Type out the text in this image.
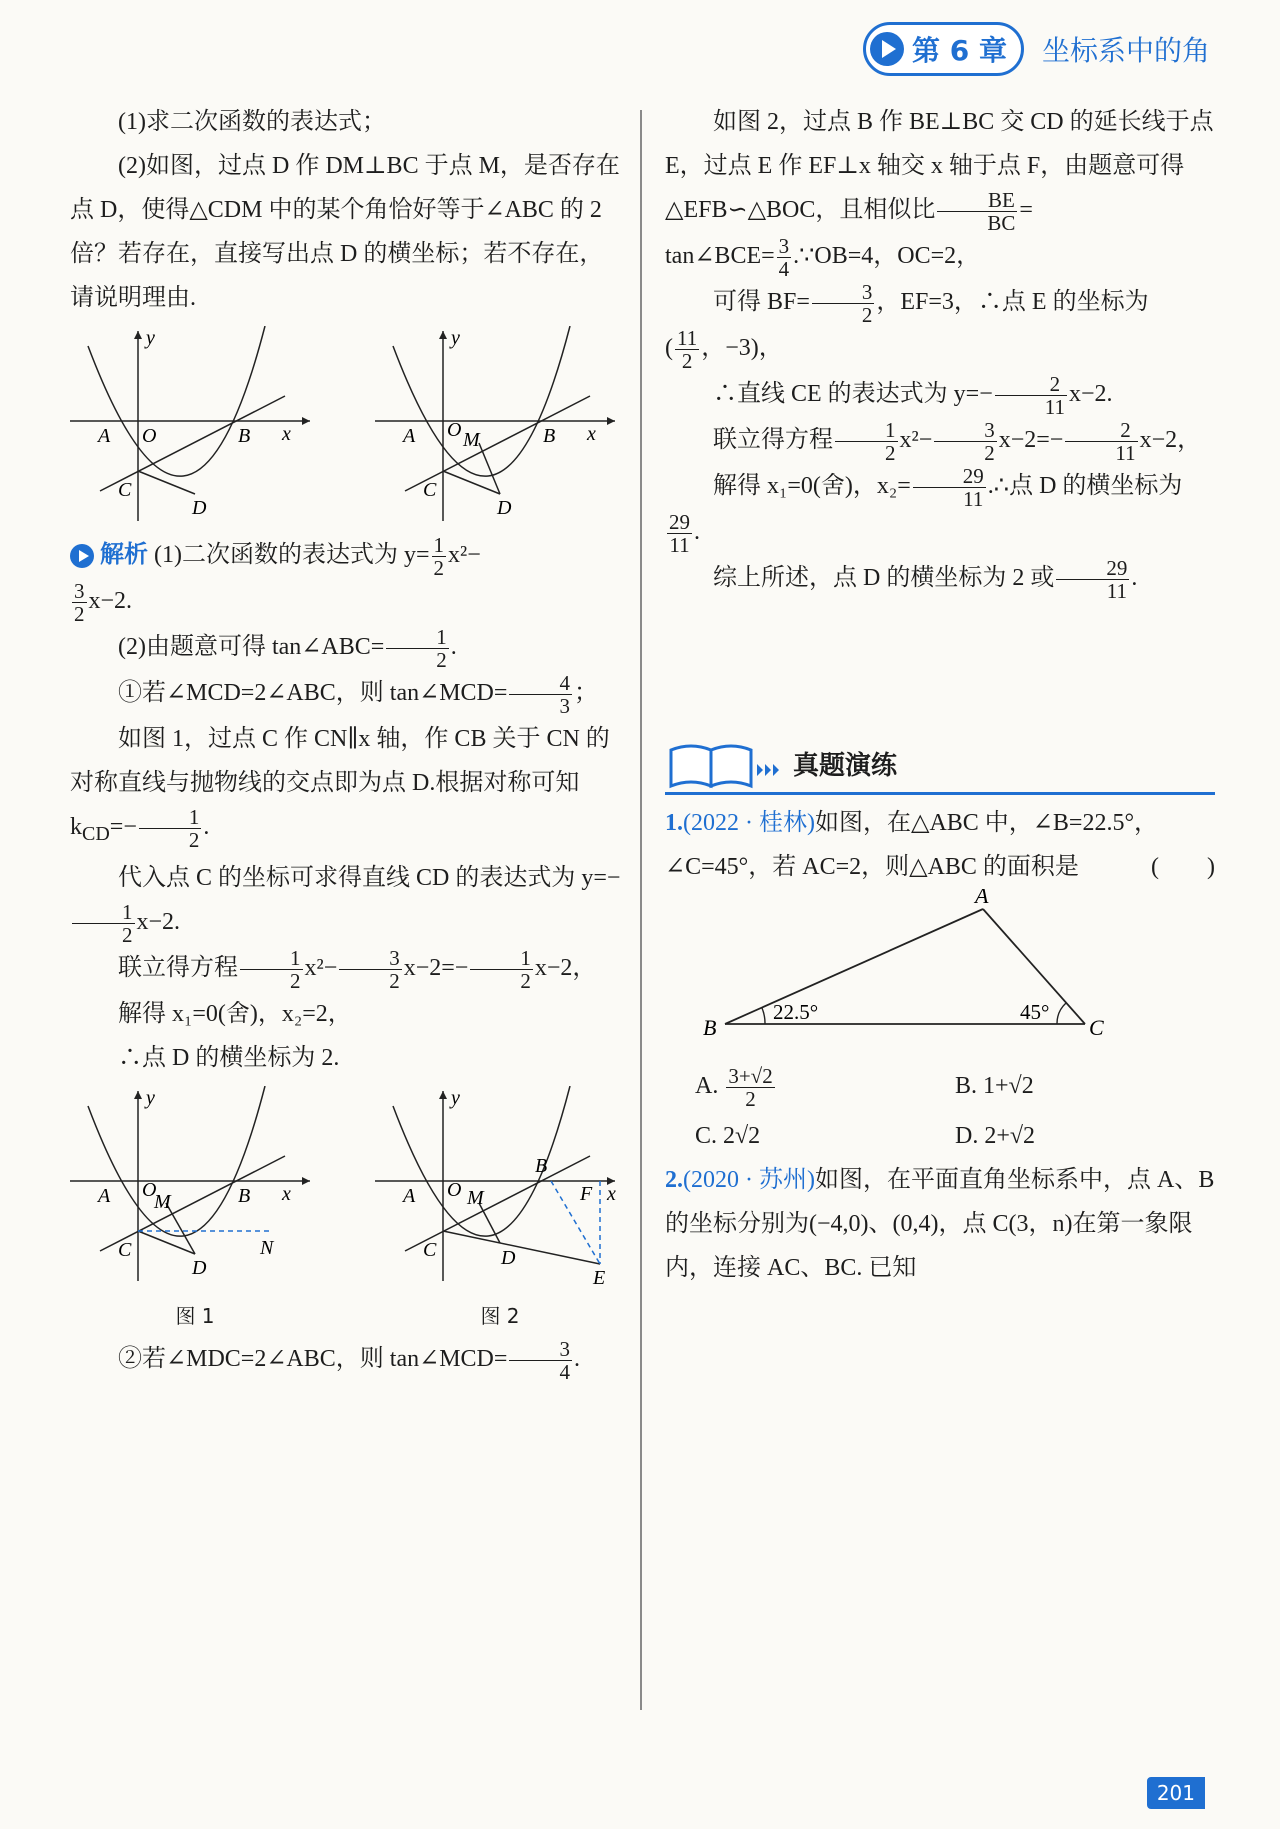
第 6 章 坐标系中的角

(1)求二次函数的表达式；

(2)如图，过点 D 作 DM⊥BC 于点 M，是否存在点 D，使得△CDM 中的某个角恰好等于∠ABC 的 2 倍？若存在，直接写出点 D 的横坐标；若不存在，请说明理由.

A O	B x
y
C
D
A O M	B x
y
C
D

解析 (1)二次函数的表达式为 $y= \frac{1}{2} x^2-$

$\frac{3}{2} x-2$.

(2)由题意可得 tan∠ABC= $\frac{1}{2}$ .

①若∠MCD=2∠ABC，则 tan∠MCD= $\frac{4}{3}$ ；

如图 1，过点 C 作 CN∥x 轴，作 CB 关于 CN 的对称直线与抛物线的交点即为点 D.根据对称可知 $k_{CD}=- \frac{1}{2}$ .

代入点 C 的坐标可求得直线 CD 的表达式为 y=−
$\frac{1}{2} x-2$.

联立得方程 $\frac{1}{2} x^2- \frac{3}{2} x-2=- \frac{1}{2} x-2$，

解得 x₁=0(舍)，x₂=2，

∴点 D 的横坐标为 2.

A O
M	B x
y
C
D
N
图 1
A O M
B
F x
y
C	D
E
图 2

②若∠MDC=2∠ABC，则 tan∠MCD= $\frac{3}{4}$ .

如图 2，过点 B 作 BE⊥BC 交 CD 的延长线于点 E，过点 E 作 EF⊥x 轴交 x 轴于点 F，由题意可得△EFB∽△BOC，且相似比 $\frac{BE}{BC}$ =

tan∠BCE= $\frac{3}{4}$ .∵OB=4，OC=2，

可得 $BF= \frac{3}{2}$ ，EF=3，∴点 E 的坐标为

( $\frac{11}{2}$ ，−3)，

∴直线 CE 的表达式为 $y=- \frac{2}{11} x-2$.

联立得方程 $\frac{1}{2} x^2- \frac{3}{2} x-2=- \frac{2}{11} x-2$，

解得 x₁=0(舍)，$x_2= \frac{29}{11}$ .∴点 D 的横坐标为

$\frac{29}{11}$ .

综上所述，点 D 的横坐标为 2 或 $\frac{29}{11}$ .

真题演练

1.(2022 · 桂林)如图，在△ABC 中，∠B=22.5°，∠C=45°，若 AC=2，则△ABC 的面积是	(　　)

A
B	C
22.5°	45°
A. $\frac{3+√2}{2}$	B. 1+√2
C. 2√2	D. 2+√2

2.(2020 · 苏州)如图，在平面直角坐标系中，点 A、B 的坐标分别为(−4,0)、(0,4)，点 C(3，n)在第一象限内，连接 AC、BC. 已知

201
